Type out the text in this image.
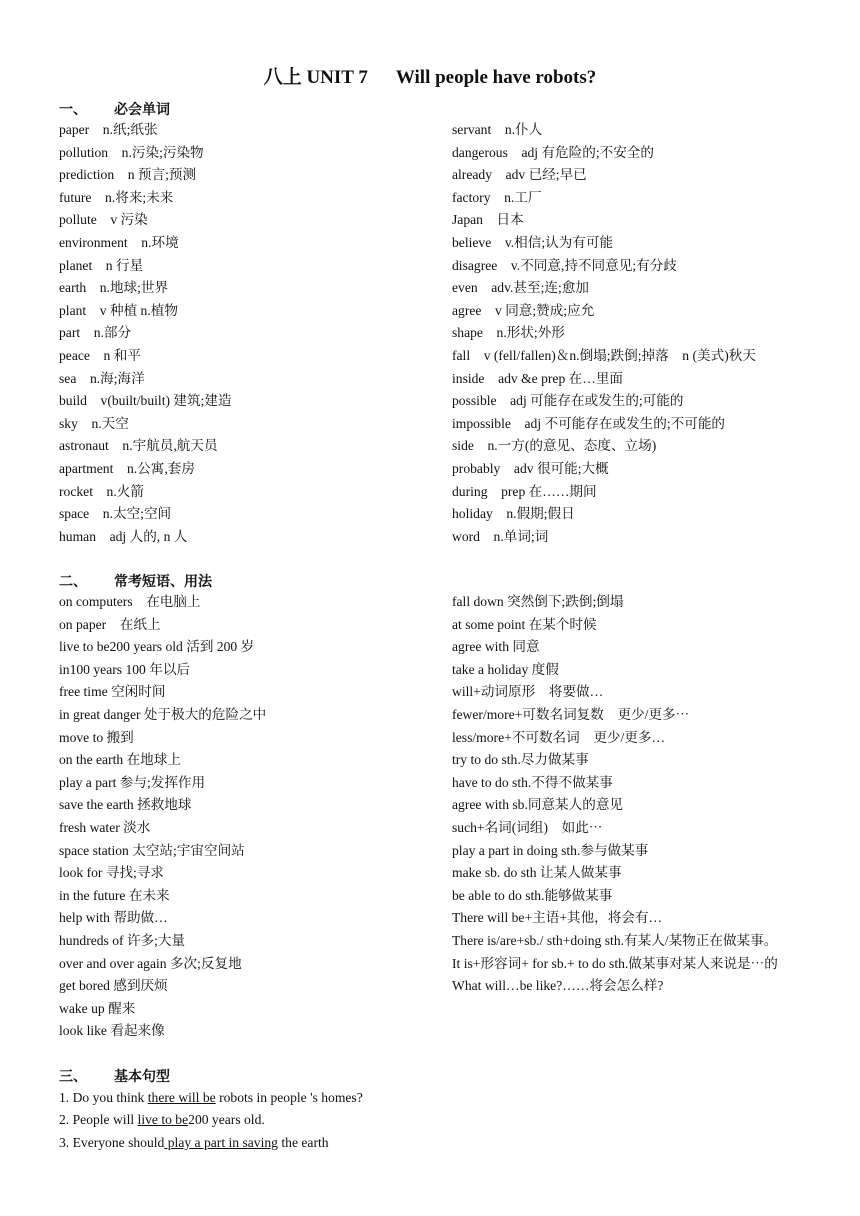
八上 UNIT 7 Will people have robots?
一、 必会单词
paper　n.纸;纸张
pollution　n.污染;污染物
prediction　n 预言;预测
future　n.将来;未来
pollute　v 污染
environment　n.环境
planet　n 行星
earth　n.地球;世界
plant　v 种植 n.植物
part　n.部分
peace　n 和平
sea　n.海;海洋
build　v(built/built) 建筑;建造
sky　n.天空
astronaut　n.宇航员,航天员
apartment　n.公寓,套房
rocket　n.火箭
space　n.太空;空间
human　adj 人的, n 人
servant　n.仆人
dangerous　adj 有危险的;不安全的
already　adv 已经;早已
factory　n.工厂
Japan　日本
believe　v.相信;认为有可能
disagree　v.不同意,持不同意见;有分歧
even　adv.甚至;连;愈加
agree　v 同意;赞成;应允
shape　n.形状;外形
fall　v (fell/fallen)＆n.倒塌;跌倒;掉落　n (美式)秋天
inside　adv &e prep 在…里面
possible　adj 可能存在或发生的;可能的
impossible　adj 不可能存在或发生的;不可能的
side　n.一方(的意见、态度、立场)
probably　adv 很可能;大概
during　prep 在……期间
holiday　n.假期;假日
word　n.单词;词
二、 常考短语、用法
on computers　在电脑上
on paper　在纸上
live to be200 years old 活到 200 岁
in100 years 100 年以后
free time 空闲时间
in great danger 处于极大的危险之中
move to 搬到
on the earth 在地球上
play a part 参与;发挥作用
save the earth 拯救地球
fresh water 淡水
space station 太空站;宇宙空间站
look for 寻找;寻求
in the future 在未来
help with 帮助做…
hundreds of 许多;大量
over and over again 多次;反复地
get bored 感到厌烦
wake up 醒来
look like 看起来像
fall down 突然倒下;跌倒;倒塌
at some point 在某个时候
agree with 同意
take a holiday 度假
will+动词原形　将要做…
fewer/more+可数名词复数　更少/更多⋯
less/more+不可数名词　更少/更多…
try to do sth.尽力做某事
have to do sth.不得不做某事
agree with sb.同意某人的意见
such+名词(词组)　如此⋯
play a part in doing sth.参与做某事
make sb. do sth 让某人做某事
be able to do sth.能够做某事
There will be+主语+其他，将会有…
There is/are+sb./ sth+doing sth.有某人/某物正在做某事。
It is+形容词+ for sb.+ to do sth.做某事对某人来说是⋯的
What will…be like?……将会怎么样?
三、 基本句型
1. Do you think there will be robots in people 's homes?
2. People will live to be200 years old.
3. Everyone should play a part in saving the earth
